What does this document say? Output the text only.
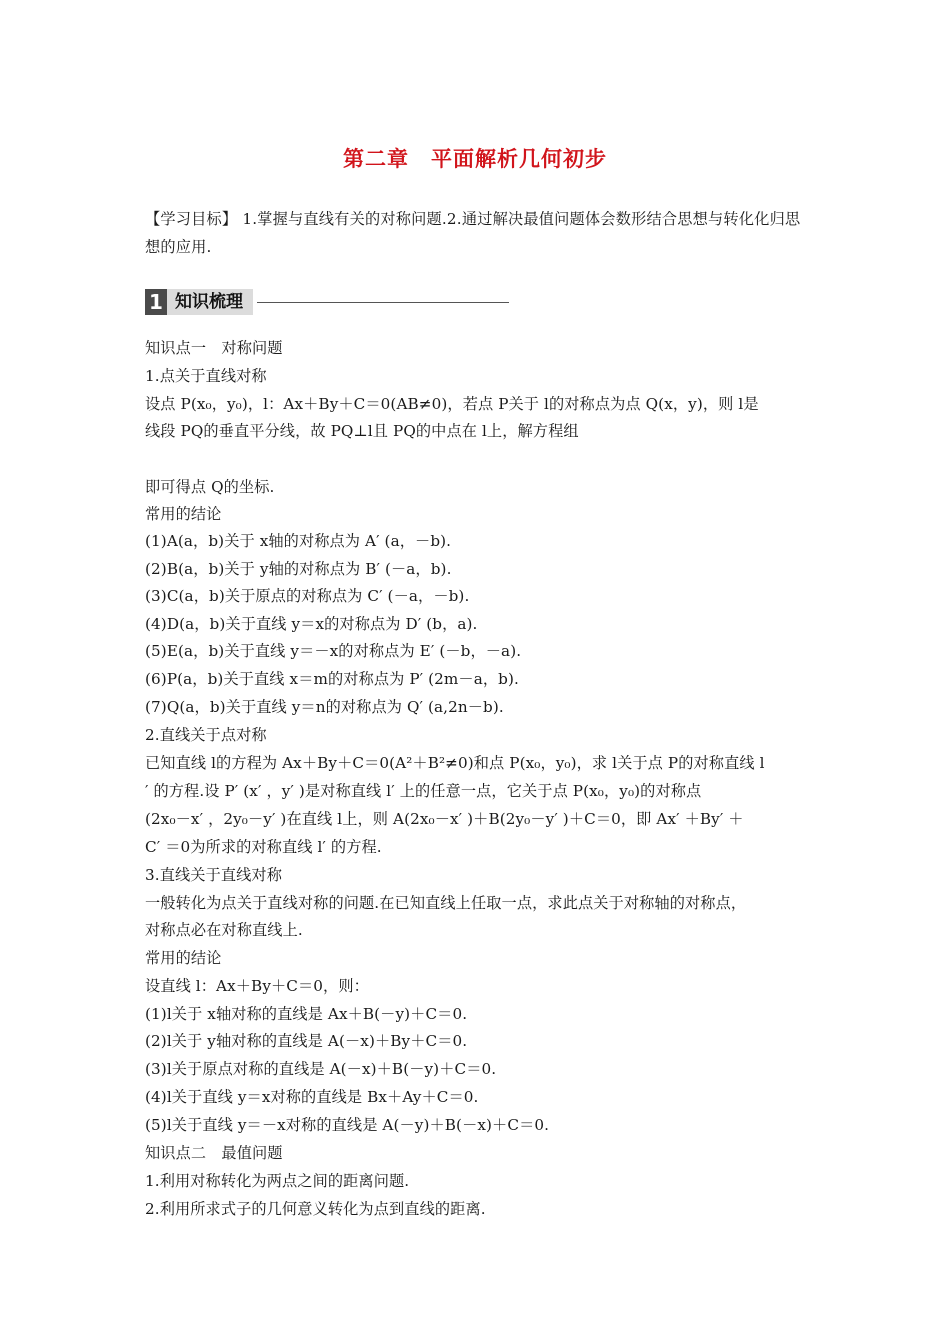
第二章　平面解析几何初步
【学习目标】 1.掌握与直线有关的对称问题.2.通过解决最值问题体会数形结合思想与转化化归思想的应用.
1 知识梳理
知识点一　对称问题
1.点关于直线对称
设点 P(x₀，y₀)，l：Ax＋By＋C＝0(AB≠0)，若点 P关于 l的对称点为点 Q(x，y)，则 l是
线段 PQ的垂直平分线，故 PQ⊥l且 PQ的中点在 l上，解方程组
即可得点 Q的坐标.
常用的结论
(1)A(a，b)关于 x轴的对称点为 A′ (a，－b).
(2)B(a，b)关于 y轴的对称点为 B′ (－a，b).
(3)C(a，b)关于原点的对称点为 C′ (－a，－b).
(4)D(a，b)关于直线 y＝x的对称点为 D′ (b，a).
(5)E(a，b)关于直线 y＝－x的对称点为 E′ (－b，－a).
(6)P(a，b)关于直线 x＝m的对称点为 P′ (2m－a，b).
(7)Q(a，b)关于直线 y＝n的对称点为 Q′ (a,2n－b).
2.直线关于点对称
已知直线 l的方程为 Ax＋By＋C＝0(A²＋B²≠0)和点 P(x₀，y₀)，求 l关于点 P的对称直线 l
′ 的方程.设 P′ (x′ ，y′ )是对称直线 l′ 上的任意一点，它关于点 P(x₀，y₀)的对称点
(2x₀－x′ ，2y₀－y′ )在直线 l上，则 A(2x₀－x′ )＋B(2y₀－y′ )＋C＝0，即 Ax′ ＋By′ ＋
C′ ＝0为所求的对称直线 l′ 的方程.
3.直线关于直线对称
一般转化为点关于直线对称的问题.在已知直线上任取一点，求此点关于对称轴的对称点，
对称点必在对称直线上.
常用的结论
设直线 l：Ax＋By＋C＝0，则：
(1)l关于 x轴对称的直线是 Ax＋B(－y)＋C＝0.
(2)l关于 y轴对称的直线是 A(－x)＋By＋C＝0.
(3)l关于原点对称的直线是 A(－x)＋B(－y)＋C＝0.
(4)l关于直线 y＝x对称的直线是 Bx＋Ay＋C＝0.
(5)l关于直线 y＝－x对称的直线是 A(－y)＋B(－x)＋C＝0.
知识点二　最值问题
1.利用对称转化为两点之间的距离问题.
2.利用所求式子的几何意义转化为点到直线的距离.
